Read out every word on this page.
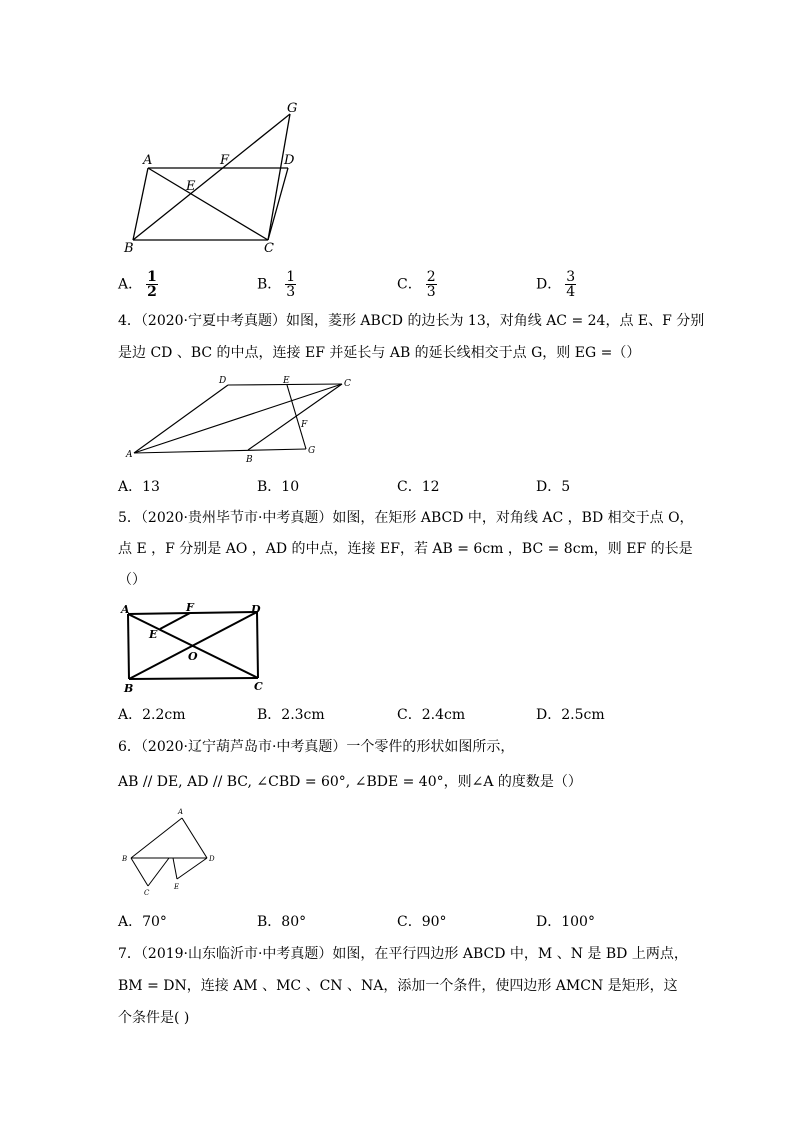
G
A	F	D
E
B	C
A． $\frac{1}{2}$	B． $\frac{1}{3}$	C． $\frac{2}{3}$	D． $\frac{3}{4}$
4．（2020·宁夏中考真题）如图，菱形 ABCD 的边长为 13，对角线 AC = 24，点 E、F 分别
是边 CD 、BC 的中点，连接 EF 并延长与 AB 的延长线相交于点 G，则 EG =（）
D	E	C
F
A	B
G
A．13	B．10	C．12	D．5
5．（2020·贵州毕节市·中考真题）如图，在矩形 ABCD 中，对角线 AC ，BD 相交于点 O，
点 E ，F 分别是 AO ，AD 的中点，连接 EF，若 AB = 6cm ，BC = 8cm，则 EF 的长是
（）
A	F	D
E
O
B	C
A．2.2cm	B．2.3cm	C．2.4cm	D．2.5cm
6．（2020·辽宁葫芦岛市·中考真题）一个零件的形状如图所示，
AB // DE, AD // BC, ∠CBD = 60°, ∠BDE = 40°，则∠A 的度数是（）
A
B	D
C
E
A．70°	B．80°	C．90°	D．100°
7．（2019·山东临沂市·中考真题）如图，在平行四边形 ABCD 中，M 、N 是 BD 上两点，
BM = DN，连接 AM 、MC 、CN 、NA，添加一个条件，使四边形 AMCN 是矩形，这
个条件是( )
